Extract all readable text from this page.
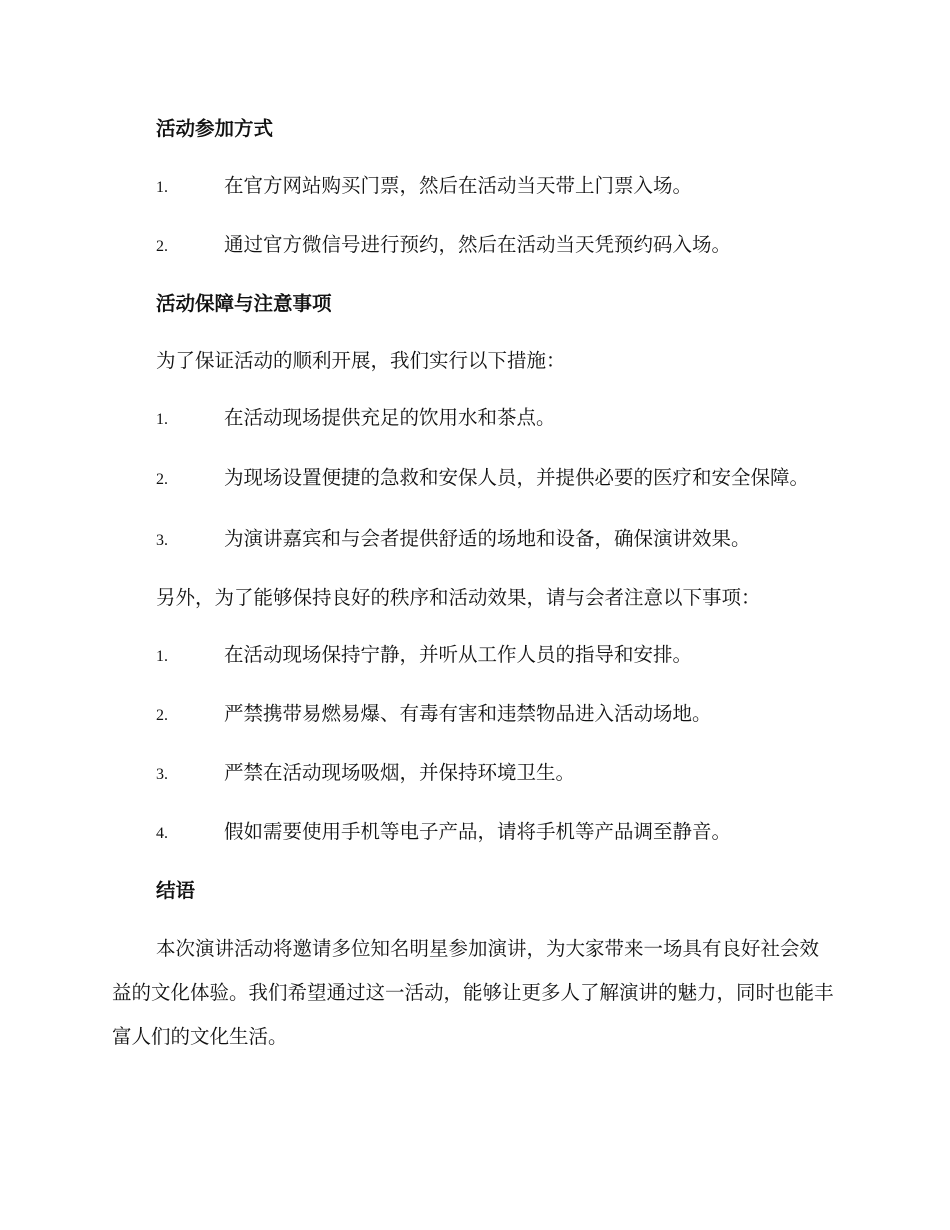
活动参加方式
1.	在官方网站购买门票，然后在活动当天带上门票入场。
2.	通过官方微信号进行预约，然后在活动当天凭预约码入场。
活动保障与注意事项
为了保证活动的顺利开展，我们实行以下措施：
1.	在活动现场提供充足的饮用水和茶点。
2.	为现场设置便捷的急救和安保人员，并提供必要的医疗和安全保障。
3.	为演讲嘉宾和与会者提供舒适的场地和设备，确保演讲效果。
另外，为了能够保持良好的秩序和活动效果，请与会者注意以下事项：
1.	在活动现场保持宁静，并听从工作人员的指导和安排。
2.	严禁携带易燃易爆、有毒有害和违禁物品进入活动场地。
3.	严禁在活动现场吸烟，并保持环境卫生。
4.	假如需要使用手机等电子产品，请将手机等产品调至静音。
结语
本次演讲活动将邀请多位知名明星参加演讲，为大家带来一场具有良好社会效益的文化体验。我们希望通过这一活动，能够让更多人了解演讲的魅力，同时也能丰富人们的文化生活。
